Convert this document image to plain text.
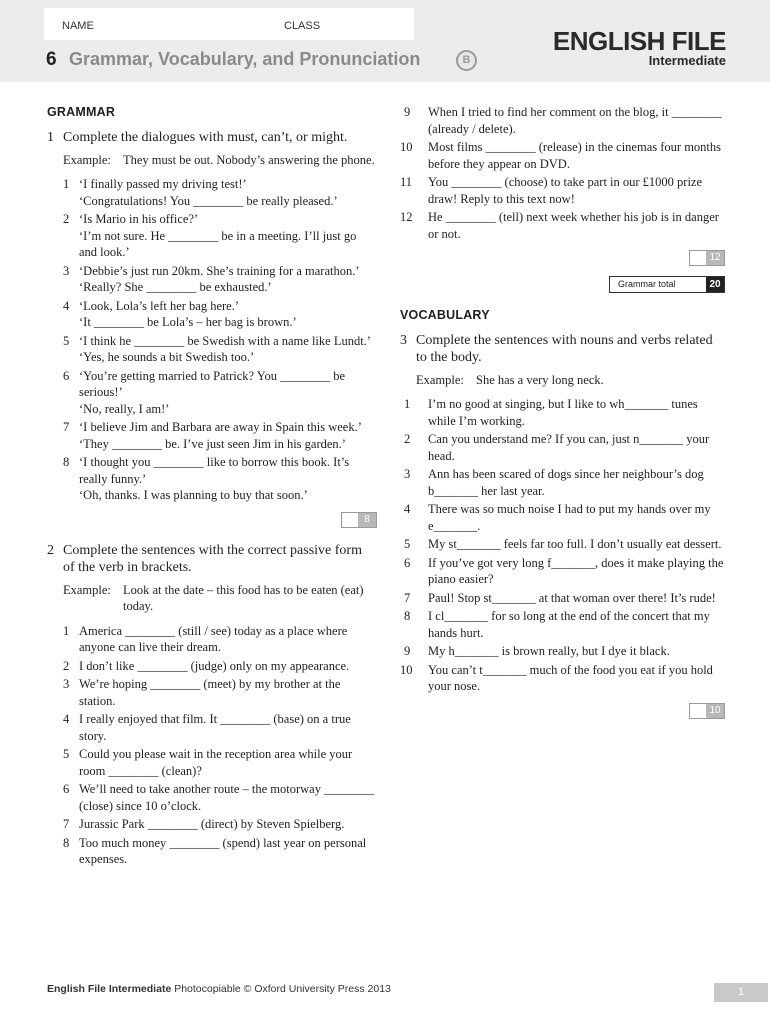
NAME	CLASS
6 Grammar, Vocabulary, and Pronunciation	B
ENGLISH FILE
Intermediate
GRAMMAR
1 Complete the dialogues with must, can’t, or might.
Example: They must be out. Nobody’s answering the phone.
1 ‘I finally passed my driving test!’
‘Congratulations! You ________ be really pleased.’
2 ‘Is Mario in his office?’
‘I’m not sure. He ________ be in a meeting. I’ll just go and look.’
3 ‘Debbie’s just run 20km. She’s training for a marathon.’
‘Really? She ________ be exhausted.’
4 ‘Look, Lola’s left her bag here.’
‘It ________ be Lola’s – her bag is brown.’
5 ‘I think he ________ be Swedish with a name like Lundt.’
‘Yes, he sounds a bit Swedish too.’
6 ‘You’re getting married to Patrick? You ________ be serious!’
‘No, really, I am!’
7 ‘I believe Jim and Barbara are away in Spain this week.’
‘They ________ be. I’ve just seen Jim in his garden.’
8 ‘I thought you ________ like to borrow this book. It’s really funny.’
‘Oh, thanks. I was planning to buy that soon.’
8
2 Complete the sentences with the correct passive form of the verb in brackets.
Example: Look at the date – this food has to be eaten (eat) today.
1 America ________ (still / see) today as a place where anyone can live their dream.
2 I don’t like ________ (judge) only on my appearance.
3 We’re hoping ________ (meet) by my brother at the station.
4 I really enjoyed that film. It ________ (base) on a true story.
5 Could you please wait in the reception area while your room ________ (clean)?
6 We’ll need to take another route – the motorway ________ (close) since 10 o’clock.
7 Jurassic Park ________ (direct) by Steven Spielberg.
8 Too much money ________ (spend) last year on personal expenses.
9	When I tried to find her comment on the blog, it ________ (already / delete).
10	Most films ________ (release) in the cinemas four months before they appear on DVD.
11	You ________ (choose) to take part in our £1000 prize draw! Reply to this text now!
12	He ________ (tell) next week whether his job is in danger or not.
12
Grammar total	20
VOCABULARY
3 Complete the sentences with nouns and verbs related to the body.
Example: She has a very long neck.
1	I’m no good at singing, but I like to wh_______ tunes while I’m working.
2	Can you understand me? If you can, just n_______ your head.
3	Ann has been scared of dogs since her neighbour’s dog b_______ her last year.
4	There was so much noise I had to put my hands over my e_______.
5	My st_______ feels far too full. I don’t usually eat dessert.
6	If you’ve got very long f_______, does it make playing the piano easier?
7	Paul! Stop st_______ at that woman over there! It’s rude!
8	I cl_______ for so long at the end of the concert that my hands hurt.
9	My h_______ is brown really, but I dye it black.
10	You can’t t_______ much of the food you eat if you hold your nose.
10
English File Intermediate Photocopiable © Oxford University Press 2013	1
